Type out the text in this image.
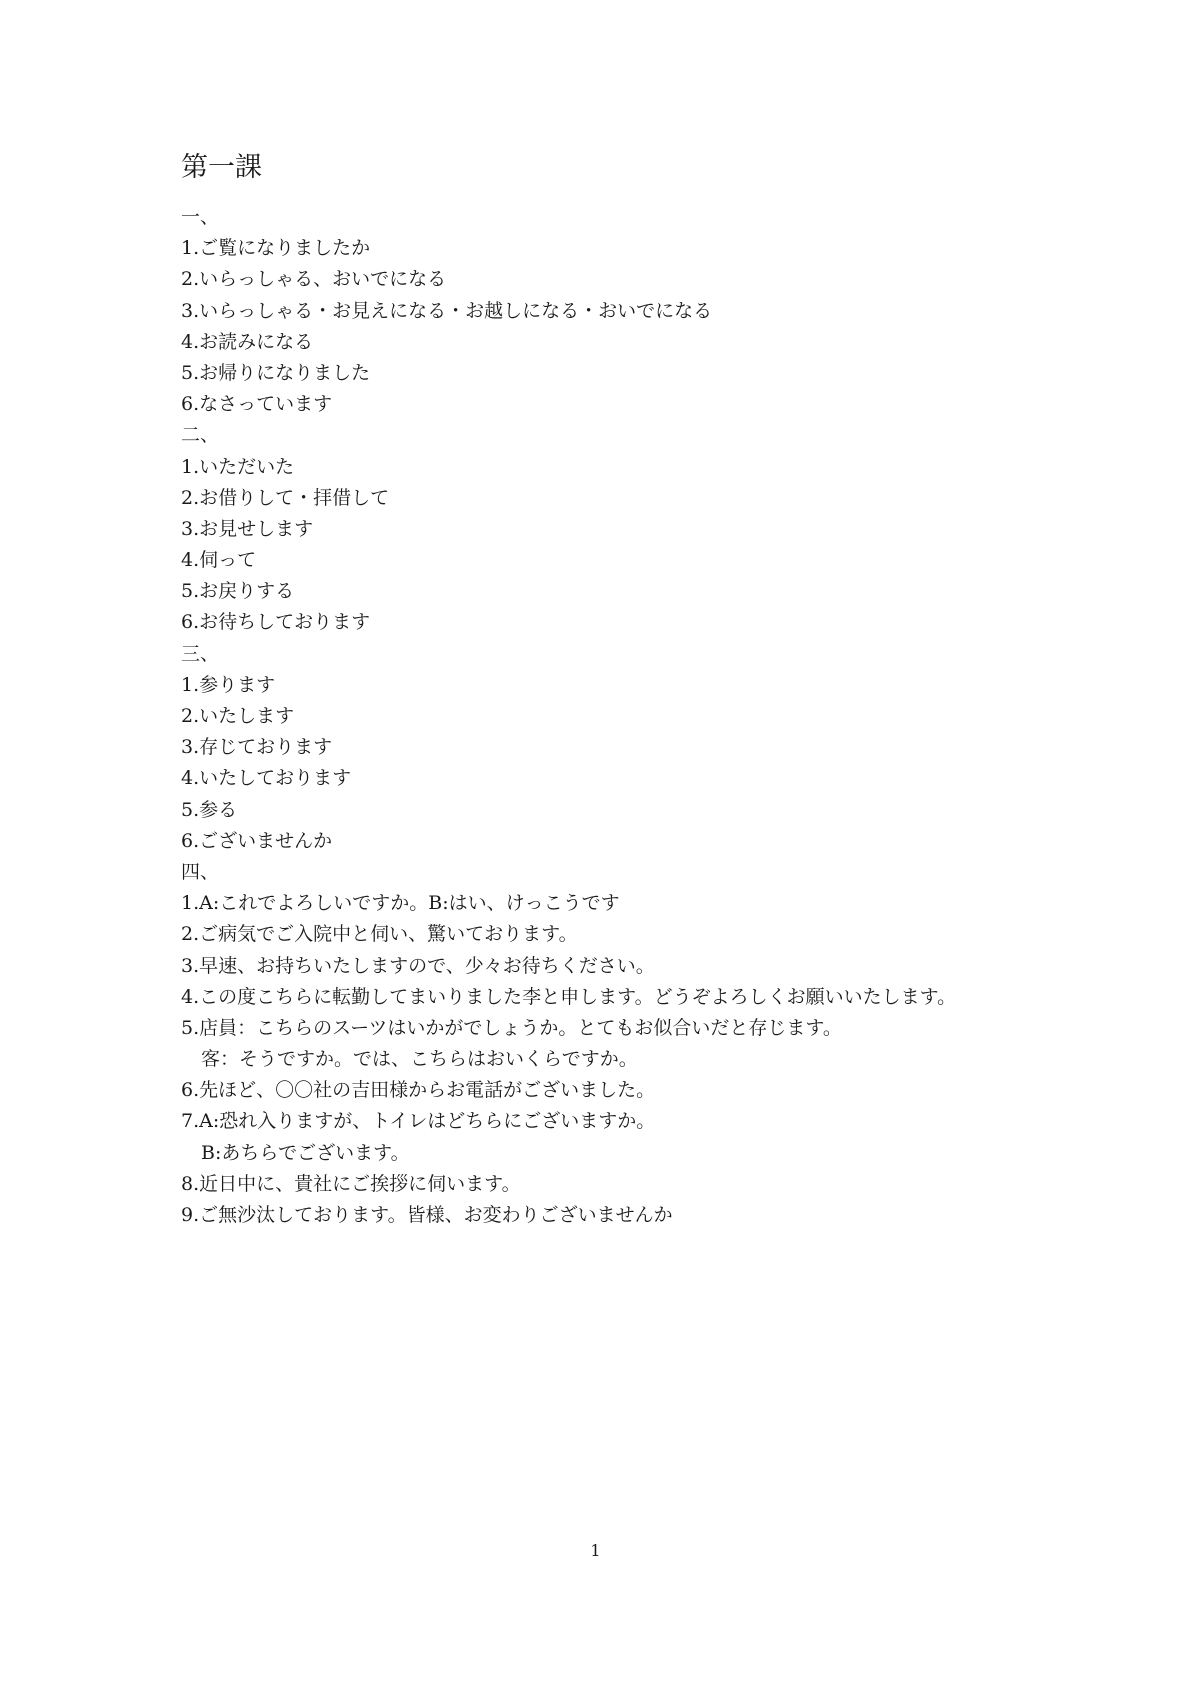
第一課
一、
1.ご覧になりましたか
2.いらっしゃる、おいでになる
3.いらっしゃる・お見えになる・お越しになる・おいでになる
4.お読みになる
5.お帰りになりました
6.なさっています
二、
1.いただいた
2.お借りして・拝借して
3.お見せします
4.伺って
5.お戻りする
6.お待ちしております
三、
1.参ります
2.いたします
3.存じております
4.いたしております
5.参る
6.ございませんか
四、
1.A:これでよろしいですか。B:はい、けっこうです
2.ご病気でご入院中と伺い、驚いております。
3.早速、お持ちいたしますので、少々お待ちください。
4.この度こちらに転勤してまいりました李と申します。どうぞよろしくお願いいたします。
5.店員：こちらのスーツはいかがでしょうか。とてもお似合いだと存じます。
客：そうですか。では、こちらはおいくらですか。
6.先ほど、〇〇社の吉田様からお電話がございました。
7.A:恐れ入りますが、トイレはどちらにございますか。
B:あちらでございます。
8.近日中に、貴社にご挨拶に伺います。
9.ご無沙汰しております。皆様、お変わりございませんか
1
